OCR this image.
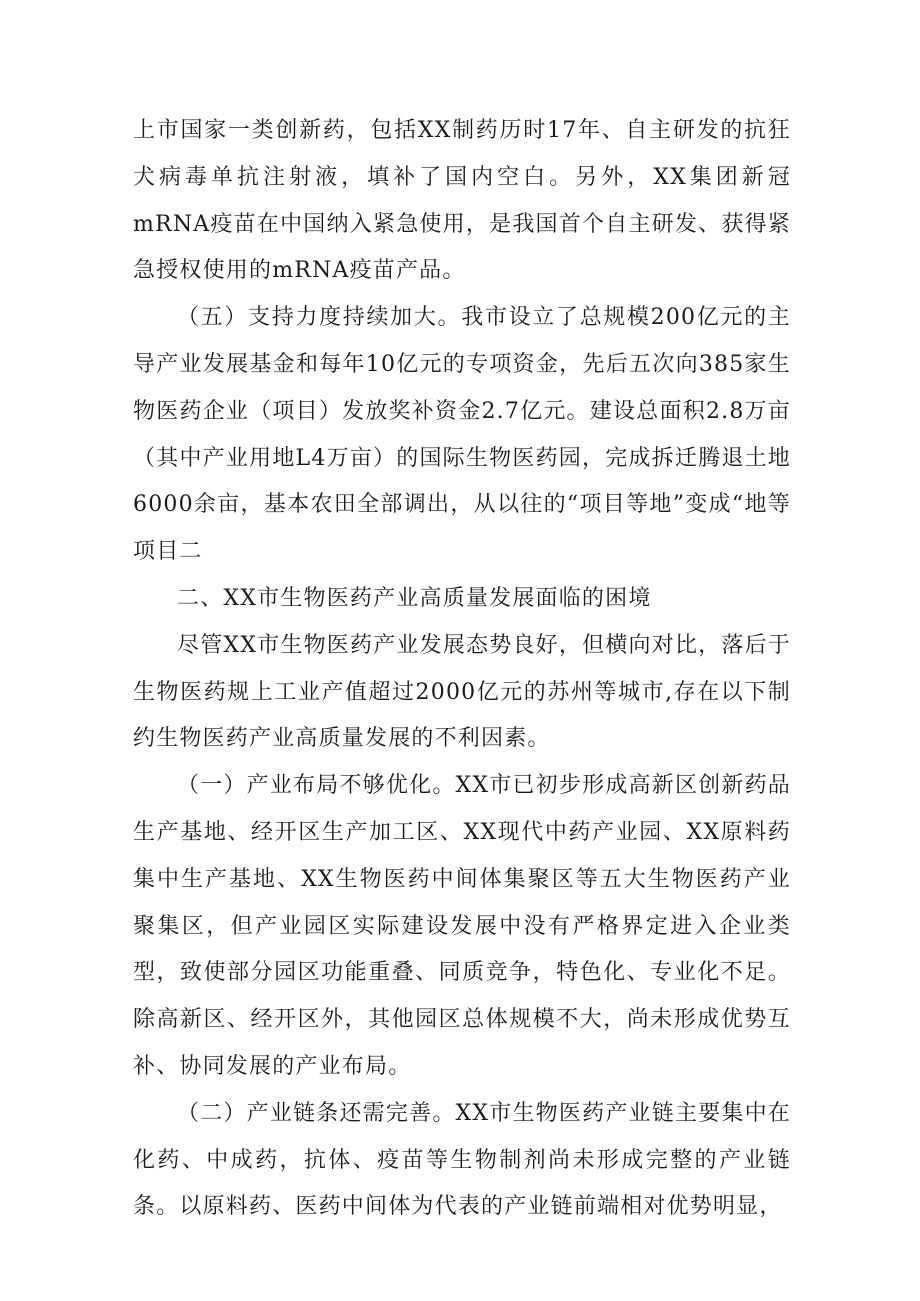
上市国家一类创新药，包括XX制药历时17年、自主研发的抗狂犬病毒单抗注射液，填补了国内空白。另外，XX集团新冠mRNA疫苗在中国纳入紧急使用，是我国首个自主研发、获得紧急授权使用的mRNA疫苗产品。

（五）支持力度持续加大。我市设立了总规模200亿元的主导产业发展基金和每年10亿元的专项资金，先后五次向385家生物医药企业（项目）发放奖补资金2.7亿元。建设总面积2.8万亩（其中产业用地L4万亩）的国际生物医药园，完成拆迁腾退土地6000余亩，基本农田全部调出，从以往的“项目等地”变成“地等项目二

二、XX市生物医药产业高质量发展面临的困境

尽管XX市生物医药产业发展态势良好，但横向对比，落后于生物医药规上工业产值超过2000亿元的苏州等城市,存在以下制约生物医药产业高质量发展的不利因素。

（一）产业布局不够优化。XX市已初步形成高新区创新药品生产基地、经开区生产加工区、XX现代中药产业园、XX原料药集中生产基地、XX生物医药中间体集聚区等五大生物医药产业聚集区，但产业园区实际建设发展中没有严格界定进入企业类型，致使部分园区功能重叠、同质竞争，特色化、专业化不足。除高新区、经开区外，其他园区总体规模不大，尚未形成优势互补、协同发展的产业布局。

（二）产业链条还需完善。XX市生物医药产业链主要集中在化药、中成药，抗体、疫苗等生物制剂尚未形成完整的产业链条。以原料药、医药中间体为代表的产业链前端相对优势明显，
